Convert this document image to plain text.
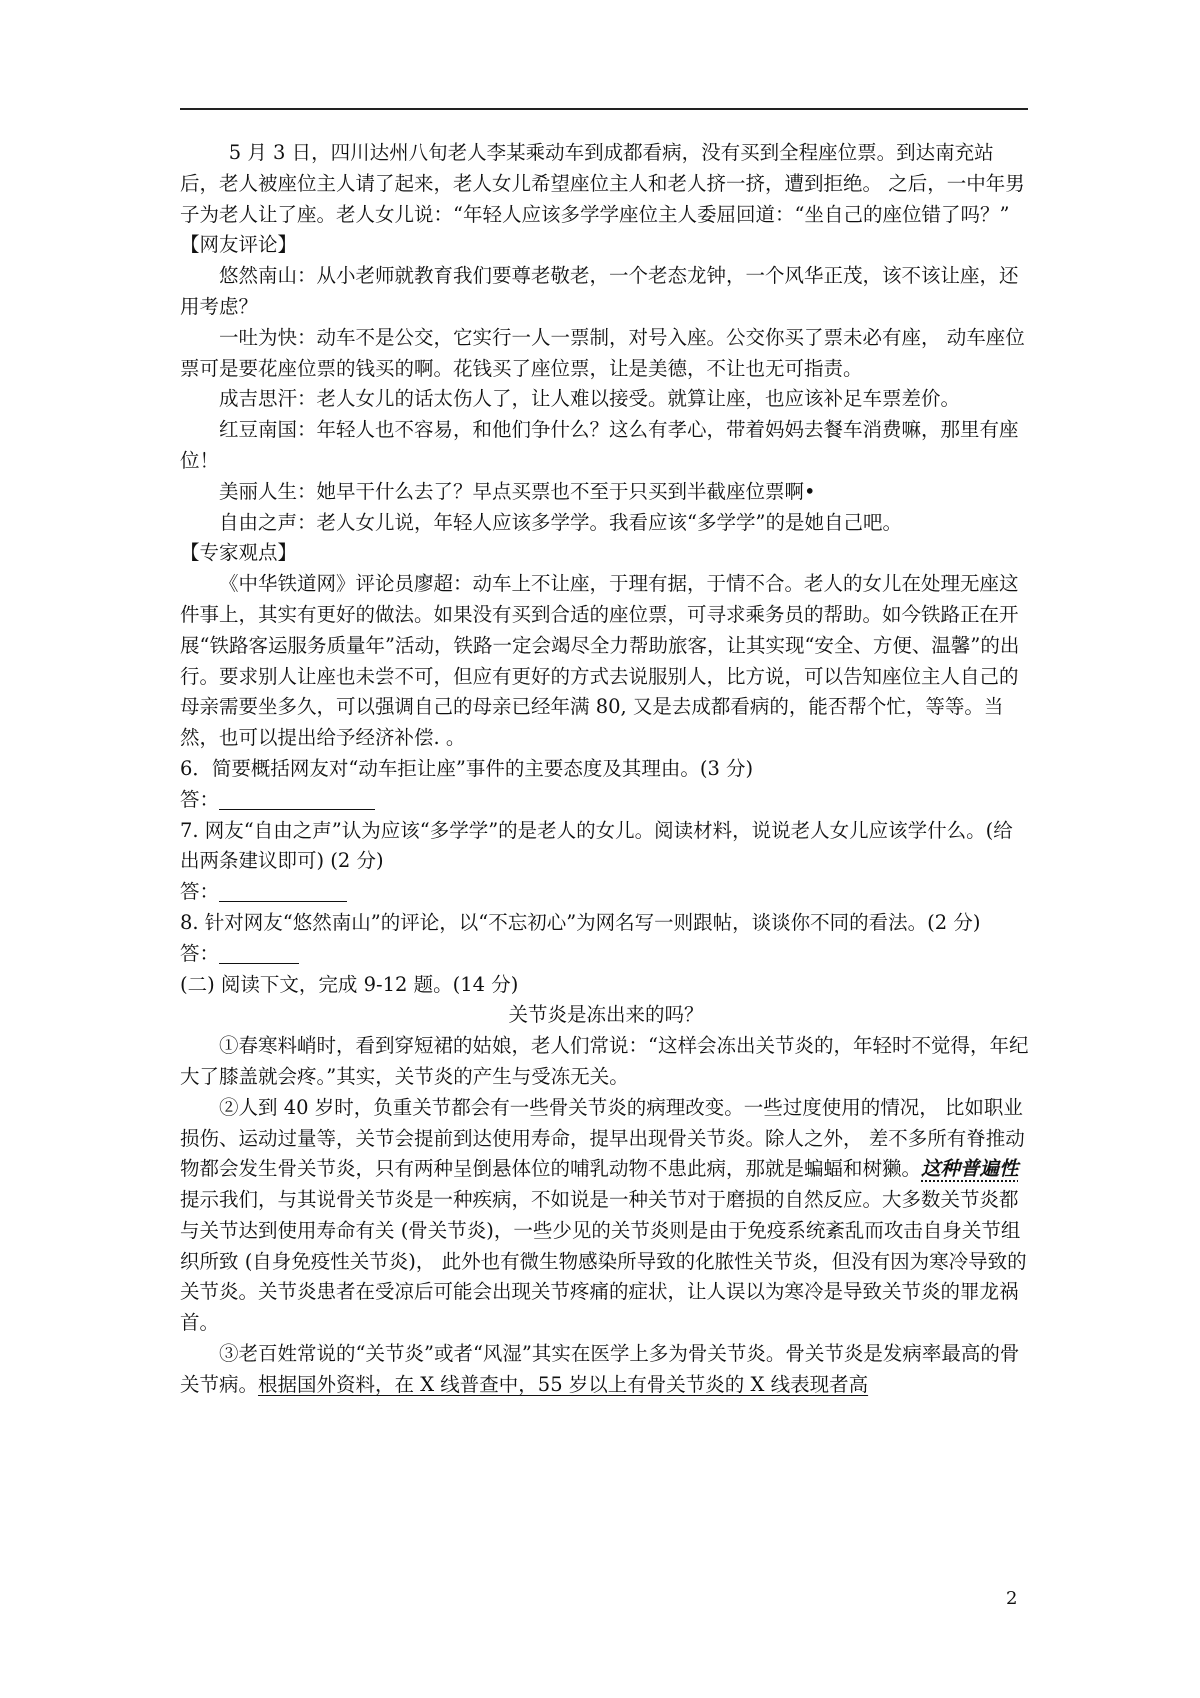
5 月 3 日，四川达州八旬老人李某乘动车到成都看病，没有买到全程座位票。到达南充站后，老人被座位主人请了起来，老人女儿希望座位主人和老人挤一挤，遭到拒绝。 之后，一中年男子为老人让了座。老人女儿说：“年轻人应该多学学座位主人委屈回道：“坐自己的座位错了吗？”

【网友评论】

悠然南山：从小老师就教育我们要尊老敬老，一个老态龙钟，一个风华正茂，该不该让座，还用考虑？

一吐为快：动车不是公交，它实行一人一票制，对号入座。公交你买了票未必有座， 动车座位票可是要花座位票的钱买的啊。花钱买了座位票，让是美德，不让也无可指责。

成吉思汗：老人女儿的话太伤人了，让人难以接受。就算让座，也应该补足车票差价。

红豆南国：年轻人也不容易，和他们争什么？这么有孝心，带着妈妈去餐车消费嘛，那里有座位！

美丽人生：她早干什么去了？早点买票也不至于只买到半截座位票啊•

自由之声：老人女儿说，年轻人应该多学学。我看应该“多学学”的是她自己吧。

【专家观点】

《中华铁道网》评论员廖超：动车上不让座，于理有据，于情不合。老人的女儿在处理无座这件事上，其实有更好的做法。如果没有买到合适的座位票，可寻求乘务员的帮助。如今铁路正在开展“铁路客运服务质量年”活动，铁路一定会竭尽全力帮助旅客，让其实现“安全、方便、温馨”的出行。要求别人让座也未尝不可，但应有更好的方式去说服别人，比方说，可以告知座位主人自己的母亲需要坐多久，可以强调自己的母亲已经年满 80, 又是去成都看病的，能否帮个忙，等等。当然，也可以提出给予经济补偿. 。

6．简要概括网友对“动车拒让座”事件的主要态度及其理由。(3 分)

答：

7. 网友“自由之声”认为应该“多学学”的是老人的女儿。阅读材料，说说老人女儿应该学什么。(给出两条建议即可) (2 分)

答：

8. 针对网友“悠然南山”的评论，以“不忘初心”为网名写一则跟帖，谈谈你不同的看法。(2 分)

答：

(二) 阅读下文，完成 9-12 题。(14 分)

关节炎是冻出来的吗？

①春寒料峭时，看到穿短裙的姑娘，老人们常说：“这样会冻出关节炎的，年轻时不觉得，年纪大了膝盖就会疼。”其实，关节炎的产生与受冻无关。

②人到 40 岁时，负重关节都会有一些骨关节炎的病理改变。一些过度使用的情况， 比如职业损伤、运动过量等，关节会提前到达使用寿命，提早出现骨关节炎。除人之外， 差不多所有脊推动物都会发生骨关节炎，只有两种呈倒悬体位的哺乳动物不患此病，那就是蝙蝠和树獭。这种普遍性提示我们，与其说骨关节炎是一种疾病，不如说是一种关节对于磨损的自然反应。大多数关节炎都与关节达到使用寿命有关 (骨关节炎)，一些少见的关节炎则是由于免疫系统紊乱而攻击自身关节组织所致 (自身免疫性关节炎)， 此外也有微生物感染所导致的化脓性关节炎，但没有因为寒冷导致的关节炎。关节炎患者在受凉后可能会出现关节疼痛的症状，让人误以为寒冷是导致关节炎的罪龙祸首。

③老百姓常说的“关节炎”或者“风湿”其实在医学上多为骨关节炎。骨关节炎是发病率最高的骨关节病。根据国外资料，在 X 线普查中，55 岁以上有骨关节炎的 X 线表现者高

2
